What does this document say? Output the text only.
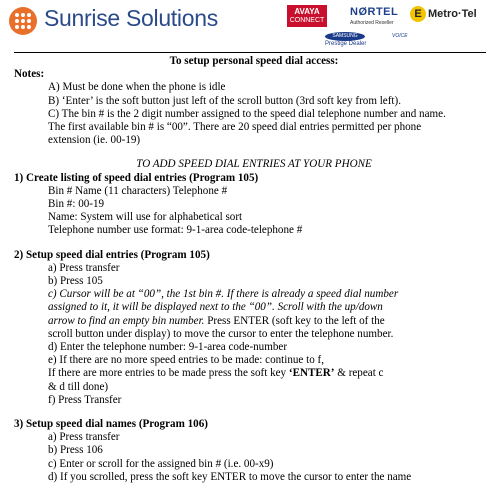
Sunrise Solutions	AVAYA
CONNECT
NØRTEL
Authorized Reseller
E Metro·Tel
SAMSUNG
Prestige Dealer
VOICE
To setup personal speed dial access:
Notes:
A) Must be done when the phone is idle
B) ‘Enter’ is the soft button just left of the scroll button (3rd soft key from left).
C) The bin # is the 2 digit number assigned to the speed dial telephone number and name.
The first available bin # is “00”. There are 20 speed dial entries permitted per phone
extension (ie. 00-19)
TO ADD SPEED DIAL ENTRIES AT YOUR PHONE
1) Create listing of speed dial entries (Program 105)
Bin # Name (11 characters) Telephone #
Bin #: 00-19
Name: System will use for alphabetical sort
Telephone number use format: 9-1-area code-telephone #
2) Setup speed dial entries (Program 105)
a) Press transfer
b) Press 105
c) Cursor will be at “00”, the 1st bin #. If there is already a speed dial number
assigned to it, it will be displayed next to the “00”. Scroll with the up/down
arrow to find an empty bin number. Press ENTER (soft key to the left of the
scroll button under display) to move the cursor to enter the telephone number.
d) Enter the telephone number: 9-1-area code-number
e) If there are no more speed entries to be made: continue to f,
If there are more entries to be made press the soft key ‘ENTER’ & repeat c
& d till done)
f) Press Transfer
3) Setup speed dial names (Program 106)
a) Press transfer
b) Press 106
c) Enter or scroll for the assigned bin # (i.e. 00-x9)
d) If you scrolled, press the soft key ENTER to move the cursor to enter the name
